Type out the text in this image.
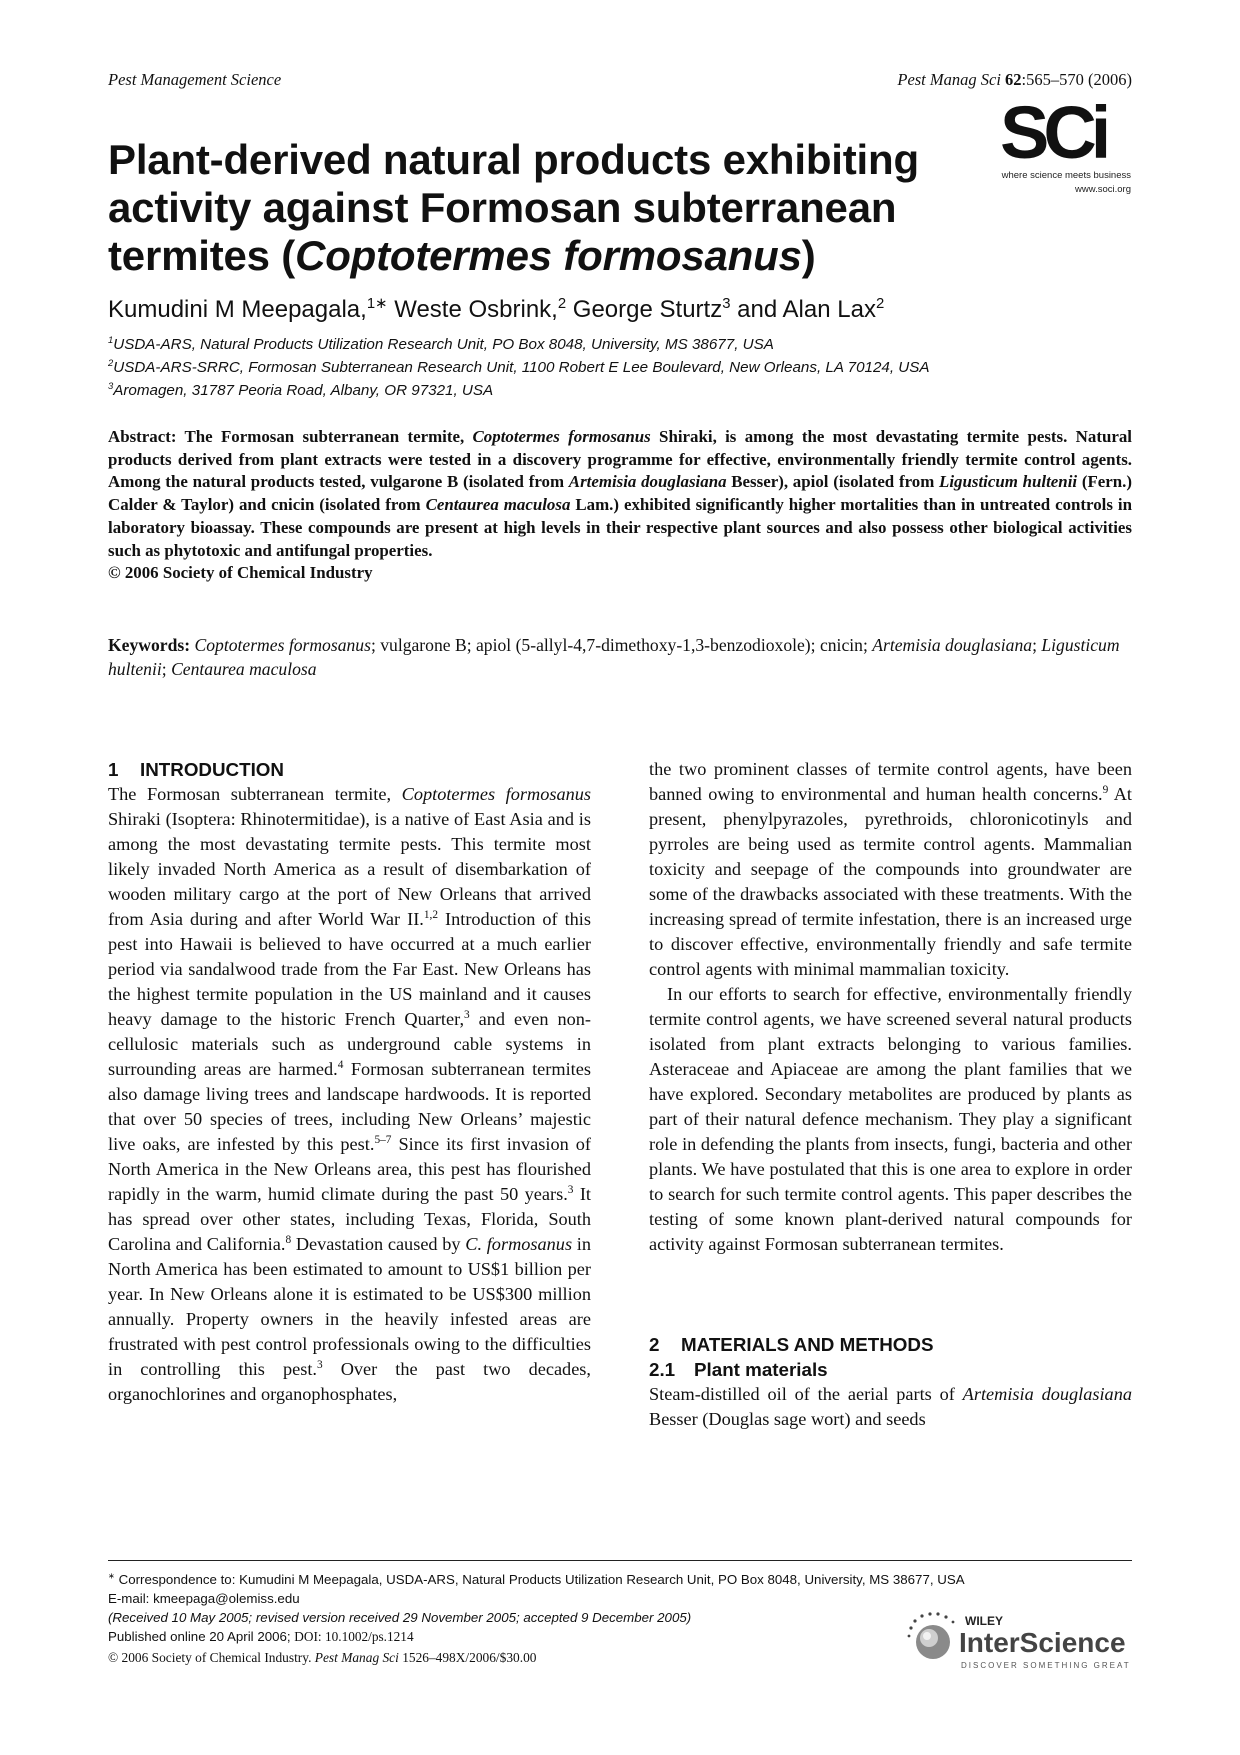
Pest Management Science	Pest Manag Sci 62:565–570 (2006)
SCi
where science meets business
www.soci.org
Plant-derived natural products exhibiting
activity against Formosan subterranean
termites (Coptotermes formosanus)
Kumudini M Meepagala,$^{1∗}$ Weste Osbrink,$^2$ George Sturtz$^3$ and Alan Lax$^2$
$^1$USDA-ARS, Natural Products Utilization Research Unit, PO Box 8048, University, MS 38677, USA
$^2$USDA-ARS-SRRC, Formosan Subterranean Research Unit, 1100 Robert E Lee Boulevard, New Orleans, LA 70124, USA
$^3$Aromagen, 31787 Peoria Road, Albany, OR 97321, USA

Abstract: The Formosan subterranean termite, Coptotermes formosanus Shiraki, is among the most devastating termite pests. Natural products derived from plant extracts were tested in a discovery programme for effective, environmentally friendly termite control agents. Among the natural products tested, vulgarone B (isolated from Artemisia douglasiana Besser), apiol (isolated from Ligusticum hultenii (Fern.) Calder & Taylor) and cnicin (isolated from Centaurea maculosa Lam.) exhibited significantly higher mortalities than in untreated controls in laboratory bioassay. These compounds are present at high levels in their respective plant sources and also possess other biological activities such as phytotoxic and antifungal properties.

© 2006 Society of Chemical Industry

Keywords: Coptotermes formosanus; vulgarone B; apiol (5-allyl-4,7-dimethoxy-1,3-benzodioxole); cnicin; Artemisia douglasiana; Ligusticum hultenii; Centaurea maculosa
1 INTRODUCTION

The Formosan subterranean termite, Coptotermes formosanus Shiraki (Isoptera: Rhinotermitidae), is a native of East Asia and is among the most devastating termite pests. This termite most likely invaded North America as a result of disembarkation of wooden military cargo at the port of New Orleans that arrived from Asia during and after World War II.$^{1,2}$ Introduction of this pest into Hawaii is believed to have occurred at a much earlier period via sandalwood trade from the Far East. New Orleans has the highest termite population in the US mainland and it causes heavy damage to the historic French Quarter,$^3$ and even non-cellulosic materials such as underground cable systems in surrounding areas are harmed.$^4$ Formosan subterranean termites also damage living trees and landscape hardwoods. It is reported that over 50 species of trees, including New Orleans’ majestic live oaks, are infested by this pest.$^{5-7}$ Since its first invasion of North America in the New Orleans area, this pest has flourished rapidly in the warm, humid climate during the past 50 years.$^3$ It has spread over other states, including Texas, Florida, South Carolina and California.$^8$ Devastation caused by C. formosanus in North America has been estimated to amount to US$1 billion per year. In New Orleans alone it is estimated to be US$300 million annually. Property owners in the heavily infested areas are frustrated with pest control professionals owing to the difficulties in controlling this pest.$^3$ Over the past two decades, organochlorines and organophosphates,

the two prominent classes of termite control agents, have been banned owing to environmental and human health concerns.$^9$ At present, phenylpyrazoles, pyrethroids, chloronicotinyls and pyrroles are being used as termite control agents. Mammalian toxicity and seepage of the compounds into groundwater are some of the drawbacks associated with these treatments. With the increasing spread of termite infestation, there is an increased urge to discover effective, environmentally friendly and safe termite control agents with minimal mammalian toxicity.

In our efforts to search for effective, environmentally friendly termite control agents, we have screened several natural products isolated from plant extracts belonging to various families. Asteraceae and Apiaceae are among the plant families that we have explored. Secondary metabolites are produced by plants as part of their natural defence mechanism. They play a significant role in defending the plants from insects, fungi, bacteria and other plants. We have postulated that this is one area to explore in order to search for such termite control agents. This paper describes the testing of some known plant-derived natural compounds for activity against Formosan subterranean termites.

2 MATERIALS AND METHODS
2.1 Plant materials

Steam-distilled oil of the aerial parts of Artemisia douglasiana Besser (Douglas sage wort) and seeds

∗ Correspondence to: Kumudini M Meepagala, USDA-ARS, Natural Products Utilization Research Unit, PO Box 8048, University, MS 38677, USA
E-mail: kmeepaga@olemiss.edu
(Received 10 May 2005; revised version received 29 November 2005; accepted 9 December 2005)
Published online 20 April 2006; DOI: 10.1002/ps.1214
© 2006 Society of Chemical Industry. Pest Manag Sci 1526–498X/2006/$30.00
WILEY
InterScience
DISCOVER SOMETHING GREAT
